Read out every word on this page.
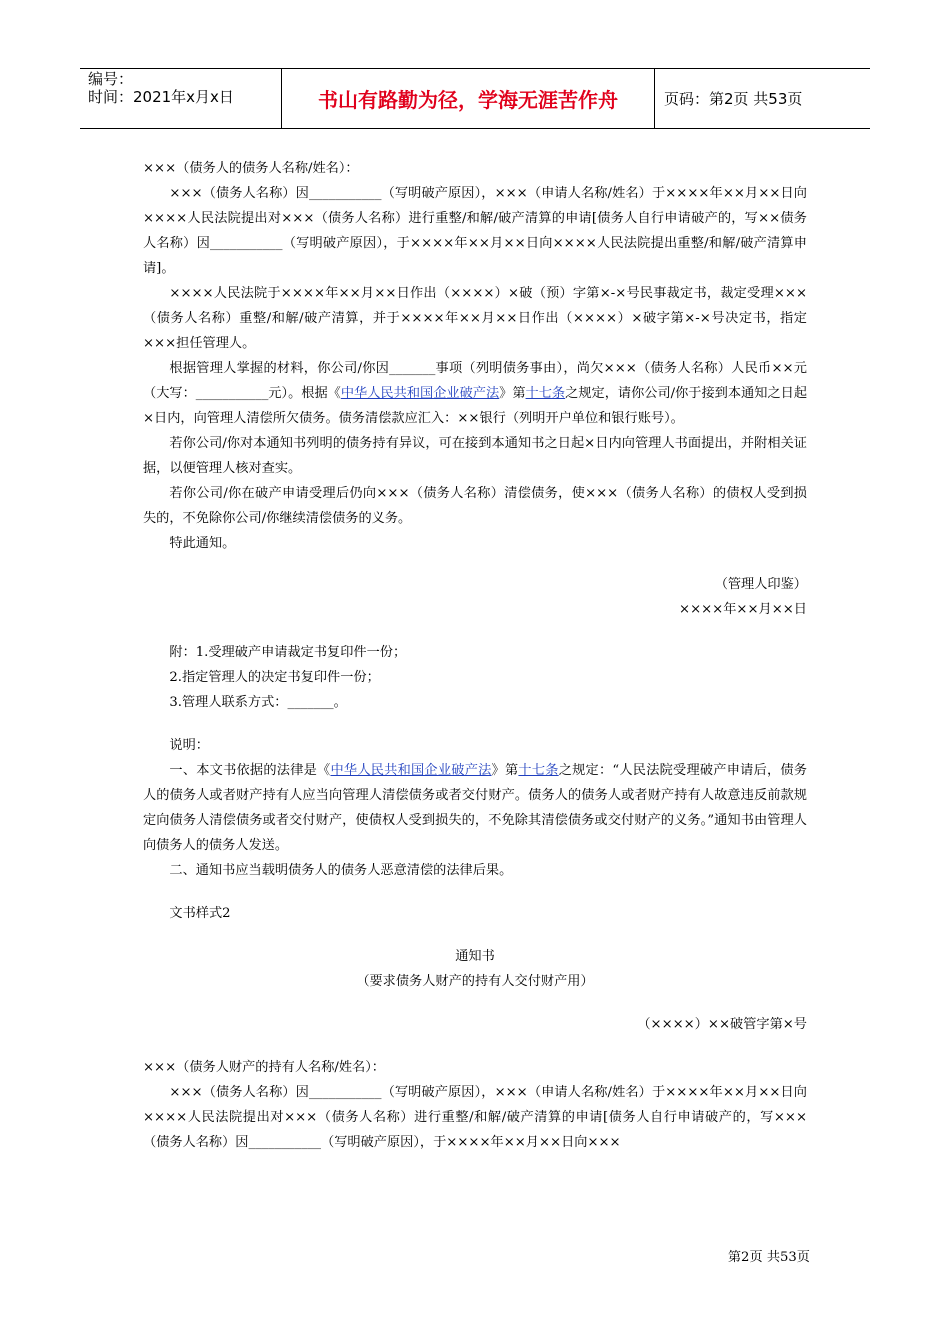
编号：
时间：2021年x月x日	书山有路勤为径，学海无涯苦作舟	页码：第2页 共53页

×××（债务人的债务人名称/姓名）：

×××（债务人名称）因___________（写明破产原因），×××（申请人名称/姓名）于××××年××月××日向××××人民法院提出对×××（债务人名称）进行重整/和解/破产清算的申请[债务人自行申请破产的，写××债务人名称）因___________（写明破产原因），于××××年××月××日向××××人民法院提出重整/和解/破产清算申请]。

××××人民法院于××××年××月××日作出（××××）×破（预）字第×-×号民事裁定书，裁定受理×××（债务人名称）重整/和解/破产清算，并于××××年××月××日作出（××××）×破字第×-×号决定书，指定×××担任管理人。

根据管理人掌握的材料，你公司/你因_______事项（列明债务事由），尚欠×××（债务人名称）人民币××元（大写：___________元）。根据《中华人民共和国企业破产法》第十七条之规定，请你公司/你于接到本通知之日起×日内，向管理人清偿所欠债务。债务清偿款应汇入：××银行（列明开户单位和银行账号）。

若你公司/你对本通知书列明的债务持有异议，可在接到本通知书之日起×日内向管理人书面提出，并附相关证据，以便管理人核对查实。

若你公司/你在破产申请受理后仍向×××（债务人名称）清偿债务，使×××（债务人名称）的债权人受到损失的，不免除你公司/你继续清偿债务的义务。

特此通知。

（管理人印鉴）

××××年××月××日

附：1.受理破产申请裁定书复印件一份；

2.指定管理人的决定书复印件一份；

3.管理人联系方式：_______。

说明：

一、本文书依据的法律是《中华人民共和国企业破产法》第十七条之规定：“人民法院受理破产申请后，债务人的债务人或者财产持有人应当向管理人清偿债务或者交付财产。债务人的债务人或者财产持有人故意违反前款规定向债务人清偿债务或者交付财产，使债权人受到损失的，不免除其清偿债务或交付财产的义务。”通知书由管理人向债务人的债务人发送。

二、通知书应当载明债务人的债务人恶意清偿的法律后果。

文书样式2

通知书

（要求债务人财产的持有人交付财产用）

（××××）××破管字第×号

×××（债务人财产的持有人名称/姓名）：

×××（债务人名称）因___________（写明破产原因），×××（申请人名称/姓名）于××××年××月××日向××××人民法院提出对×××（债务人名称）进行重整/和解/破产清算的申请[债务人自行申请破产的，写×××（债务人名称）因___________（写明破产原因），于××××年××月××日向×××

第2页 共53页
